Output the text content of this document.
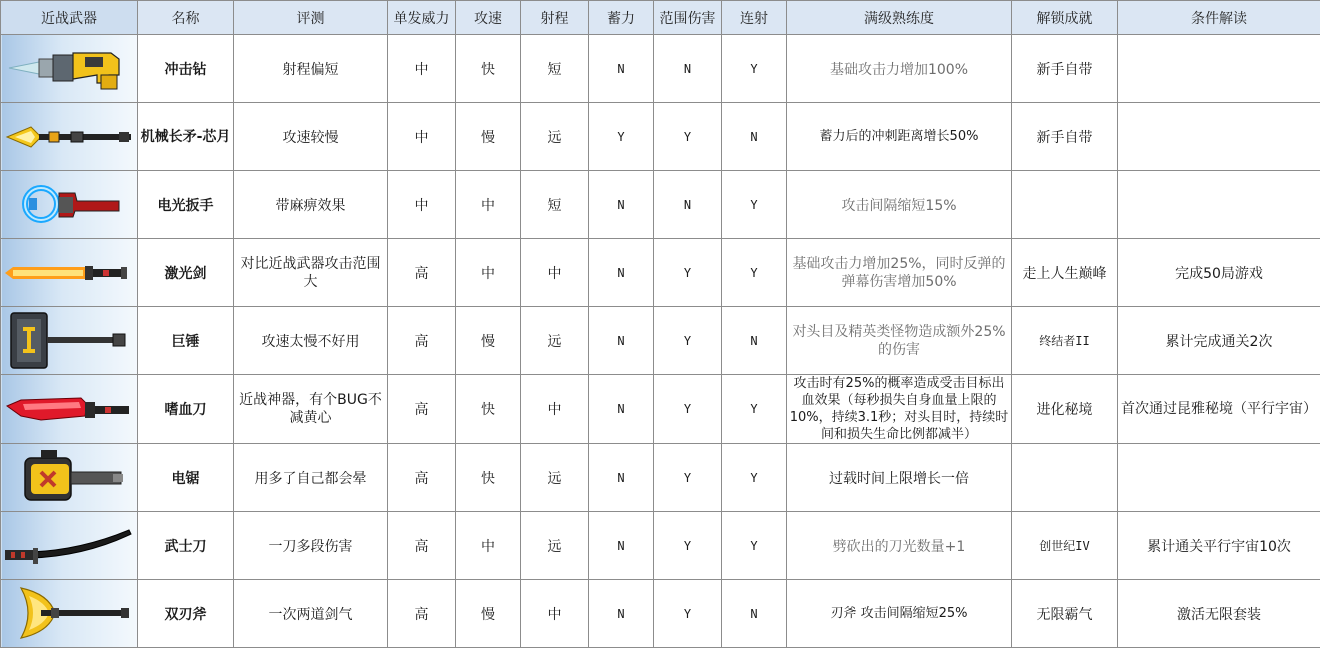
近战武器	名称	评测	单发威力	攻速	射程	蓄力	范围伤害	连射	满级熟练度	解锁成就	条件解读

	冲击钻	射程偏短	中	快	短	N	N	Y	基础攻击力增加100%	新手自带	

	机械长矛-芯月	攻速较慢	中	慢	远	Y	Y	N	蓄力后的冲刺距离增长50%	新手自带	

	电光扳手	带麻痹效果	中	中	短	N	N	Y	攻击间隔缩短15%		

	激光剑	对比近战武器攻击范围大	高	中	中	N	Y	Y	基础攻击力增加25%，同时反弹的弹幕伤害增加50%	走上人生巅峰	完成50局游戏

	巨锤	攻速太慢不好用	高	慢	远	N	Y	N	对头目及精英类怪物造成额外25%的伤害	终结者II	累计完成通关2次

	嗜血刀	近战神器，有个BUG不减黄心	高	快	中	N	Y	Y	攻击时有25%的概率造成受击目标出血效果（每秒损失自身血量上限的10%，持续3.1秒；对头目时，持续时间和损失生命比例都减半）	进化秘境	首次通过昆雅秘境（平行宇宙）

	电锯	用多了自己都会晕	高	快	远	N	Y	Y	过载时间上限增长一倍		

	武士刀	一刀多段伤害	高	中	远	N	Y	Y	劈砍出的刀光数量+1	创世纪IV	累计通关平行宇宙10次

	双刃斧	一次两道剑气	高	慢	中	N	Y	N	刃斧 攻击间隔缩短25%	无限霸气	激活无限套装
